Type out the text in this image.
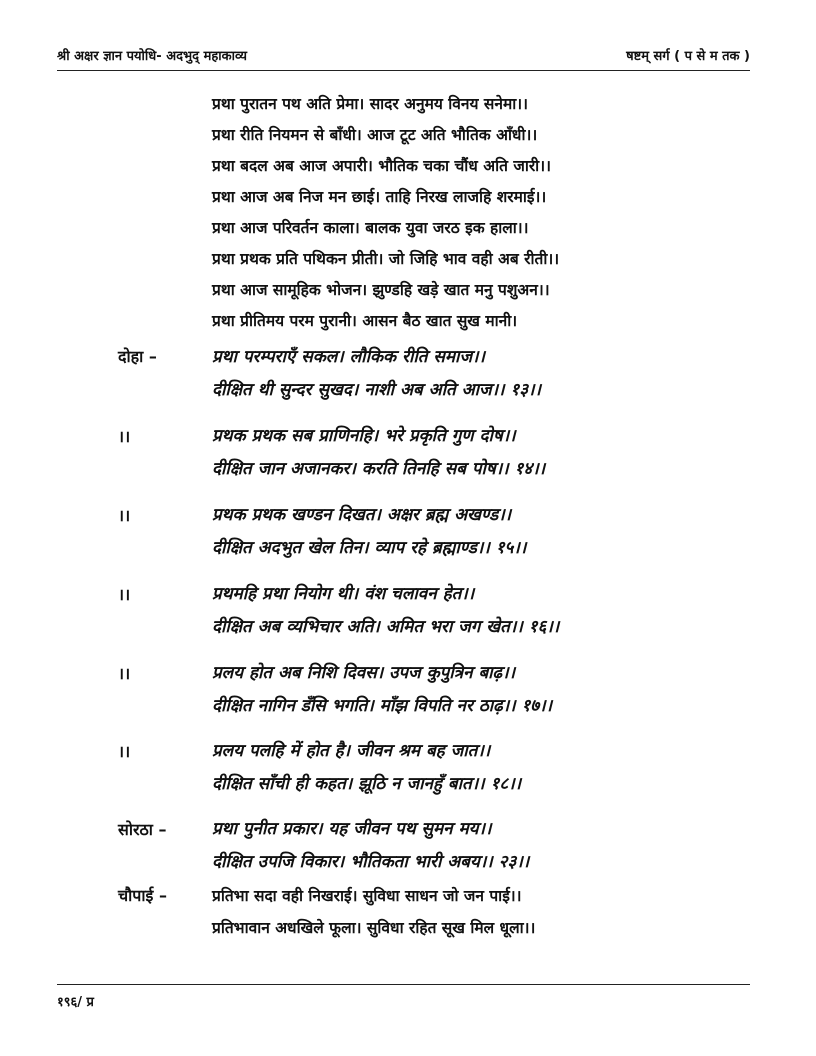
श्री अक्षर ज्ञान पयोधि- अदभुद् महाकाव्य	षष्टम् सर्ग ( प से म तक )
प्रथा पुरातन पथ अति प्रेमा। सादर अनुमय विनय सनेमा।।
प्रथा रीति नियमन से बाँधी। आज टूट अति भौतिक आँधी।।
प्रथा बदल अब आज अपारी। भौतिक चका चौंध अति जारी।।
प्रथा आज अब निज मन छाई। ताहि निरख लाजहि शरमाई।।
प्रथा आज परिवर्तन काला। बालक युवा जरठ इक हाला।।
प्रथा प्रथक प्रति पथिकन प्रीती। जो जिहि भाव वही अब रीती।।
प्रथा आज सामूहिक भोजन। झुण्डहि खड़े खात मनु पशुअन।।
प्रथा प्रीतिमय परम पुरानी। आसन बैठ खात सुख मानी।
दोहा –	प्रथा परम्पराएँ सकल। लौकिक रीति समाज।।
दीक्षित थी सुन्दर सुखद। नाशी अब अति आज।। १३।।
।।	प्रथक प्रथक सब प्राणिनहि। भरे प्रकृति गुण दोष।।
दीक्षित जान अजानकर। करति तिनहि सब पोष।। १४।।
।।	प्रथक प्रथक खण्डन दिखत। अक्षर ब्रह्म अखण्ड।।
दीक्षित अदभुत खेल तिन। व्याप रहे ब्रह्माण्ड।। १५।।
।।	प्रथमहि प्रथा नियोग थी। वंश चलावन हेत।।
दीक्षित अब व्यभिचार अति। अमित भरा जग खेत।। १६।।
।।	प्रलय होत अब निशि दिवस। उपज कुपुत्रिन बाढ़।।
दीक्षित नागिन डँसि भगति। माँझ विपति नर ठाढ़।। १७।।
।।	प्रलय पलहि में होत है। जीवन श्रम बह जात।।
दीक्षित साँची ही कहत। झूठि न जानहुँ बात।। १८।।
सोरठा –	प्रथा पुनीत प्रकार। यह जीवन पथ सुमन मय।।
दीक्षित उपजि विकार। भौतिकता भारी अबय।। २३।।
चौपाई –	प्रतिभा सदा वही निखराई। सुविधा साधन जो जन पाई।।
प्रतिभावान अधखिले फूला। सुविधा रहित सूख मिल धूला।।
१९६/ प्र
